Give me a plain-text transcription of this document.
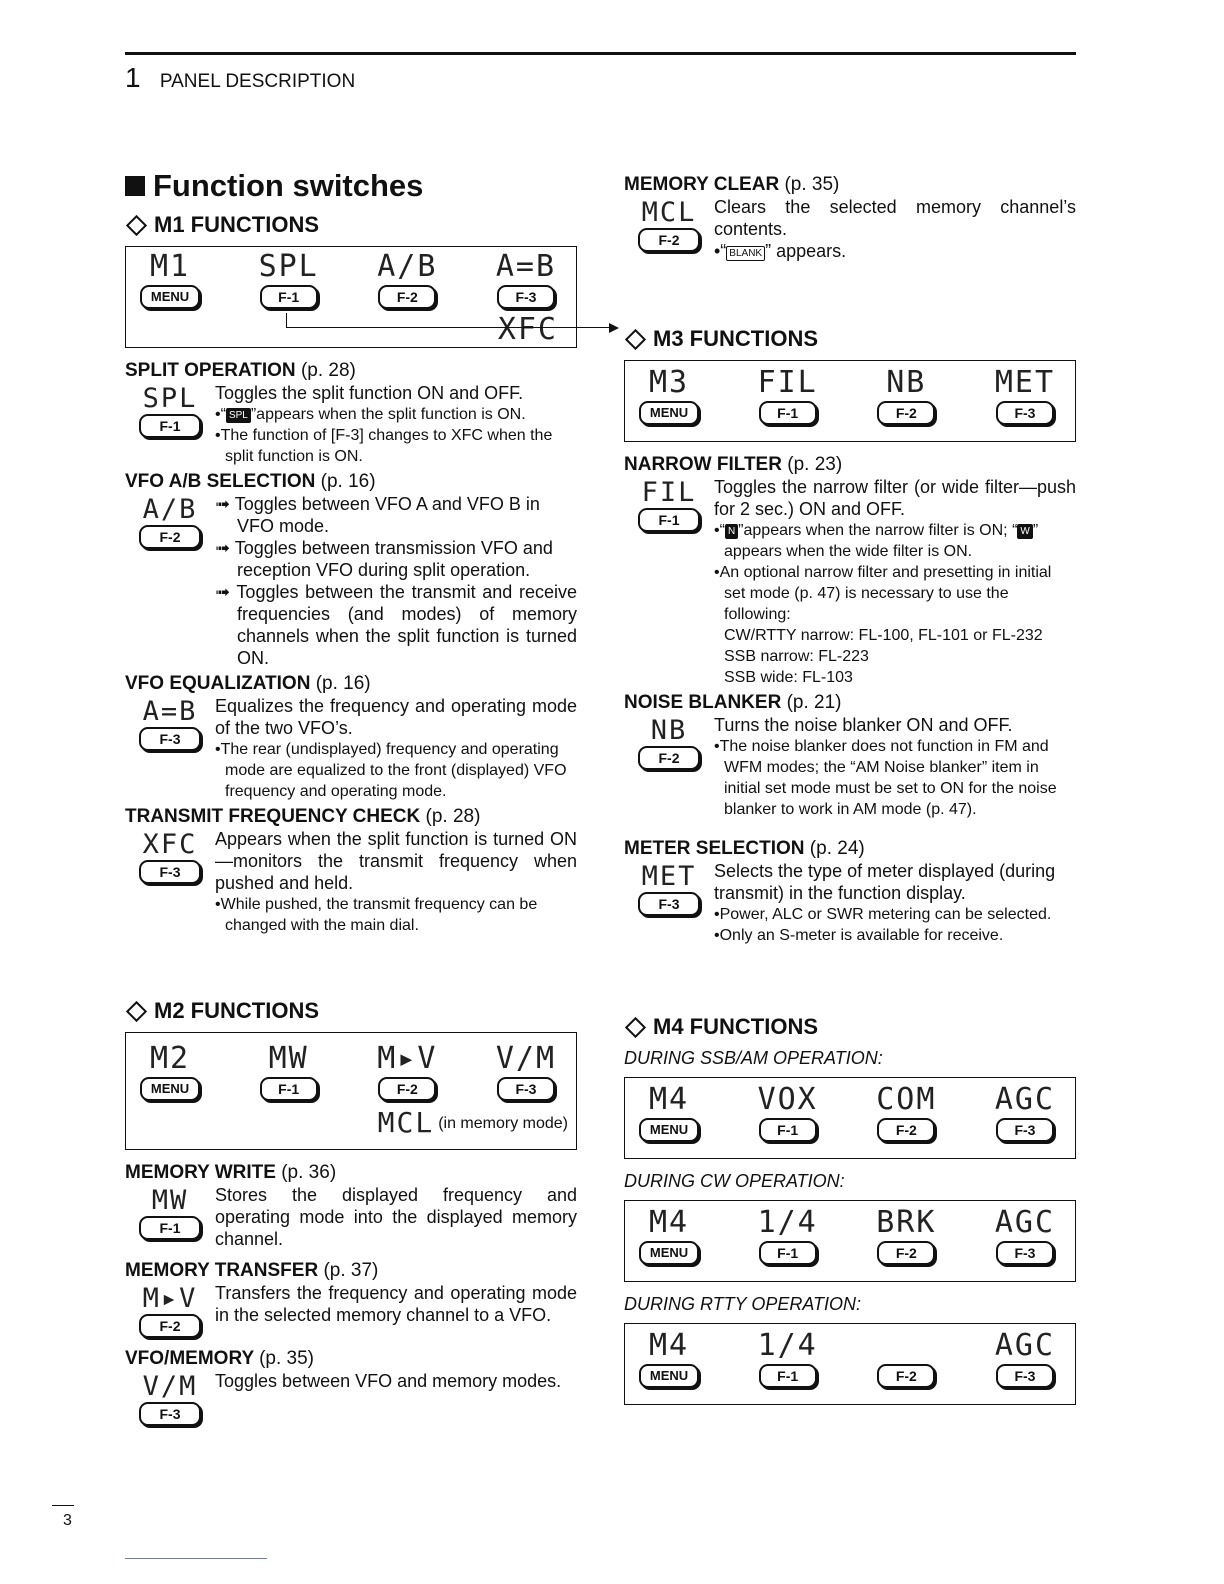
1 PANEL DESCRIPTION
Function switches
M1 FUNCTIONS
M1
MENU
SPL
F-1
A/B
F-2
A=B
F-3
XFC
SPLIT OPERATION (p. 28)
SPL
F-1

Toggles the split function ON and OFF.

•“ SPL ”appears when the split function is ON.

•The function of [F-3] changes to XFC when the split function is ON.

VFO A/B SELECTION (p. 16)
A/B
F-2

➟ Toggles between VFO A and VFO B in VFO mode.

➟ Toggles between transmission VFO and reception VFO during split operation.

➟ Toggles between the transmit and receive frequencies (and modes) of memory channels when the split function is turned ON.

VFO EQUALIZATION (p. 16)
A=B
F-3

Equalizes the frequency and operating mode of the two VFO’s.

•The rear (undisplayed) frequency and operating mode are equalized to the front (displayed) VFO frequency and operating mode.

TRANSMIT FREQUENCY CHECK (p. 28)
XFC
F-3

Appears when the split function is turned ON—monitors the transmit frequency when pushed and held.

•While pushed, the transmit frequency can be changed with the main dial.

M2 FUNCTIONS
M2
MENU
MW
F-1
M▸V
F-2
V/M
F-3
MCL (in memory mode)
MEMORY WRITE (p. 36)
MW
F-1

Stores the displayed frequency and operating mode into the displayed memory channel.

MEMORY TRANSFER (p. 37)
M▸V
F-2

Transfers the frequency and operating mode in the selected memory channel to a VFO.

VFO/MEMORY (p. 35)
V/M
F-3

Toggles between VFO and memory modes.

MEMORY CLEAR (p. 35)
MCL
F-2

Clears the selected memory channel’s contents.

•“ BLANK ” appears.

M3 FUNCTIONS
M3
MENU
FIL
F-1
NB
F-2
MET
F-3
NARROW FILTER (p. 23)
FIL
F-1

Toggles the narrow filter (or wide filter—push for 2 sec.) ON and OFF.

•“ N ”appears when the narrow filter is ON; “ W ” appears when the wide filter is ON.

•An optional narrow filter and presetting in initial set mode (p. 47) is necessary to use the following:

CW/RTTY narrow: FL-100, FL-101 or FL-232

SSB narrow: FL-223

SSB wide: FL-103

NOISE BLANKER (p. 21)
NB
F-2

Turns the noise blanker ON and OFF.

•The noise blanker does not function in FM and WFM modes; the “AM Noise blanker” item in initial set mode must be set to ON for the noise blanker to work in AM mode (p. 47).

METER SELECTION (p. 24)
MET
F-3

Selects the type of meter displayed (during transmit) in the function display.

•Power, ALC or SWR metering can be selected.

•Only an S-meter is available for receive.

M4 FUNCTIONS
DURING SSB/AM OPERATION:
M4
MENU
VOX
F-1
COM
F-2
AGC
F-3
DURING CW OPERATION:
M4
MENU
1/4
F-1
BRK
F-2
AGC
F-3
DURING RTTY OPERATION:
M4
MENU
1/4
F-1	F-2
AGC
F-3
3
